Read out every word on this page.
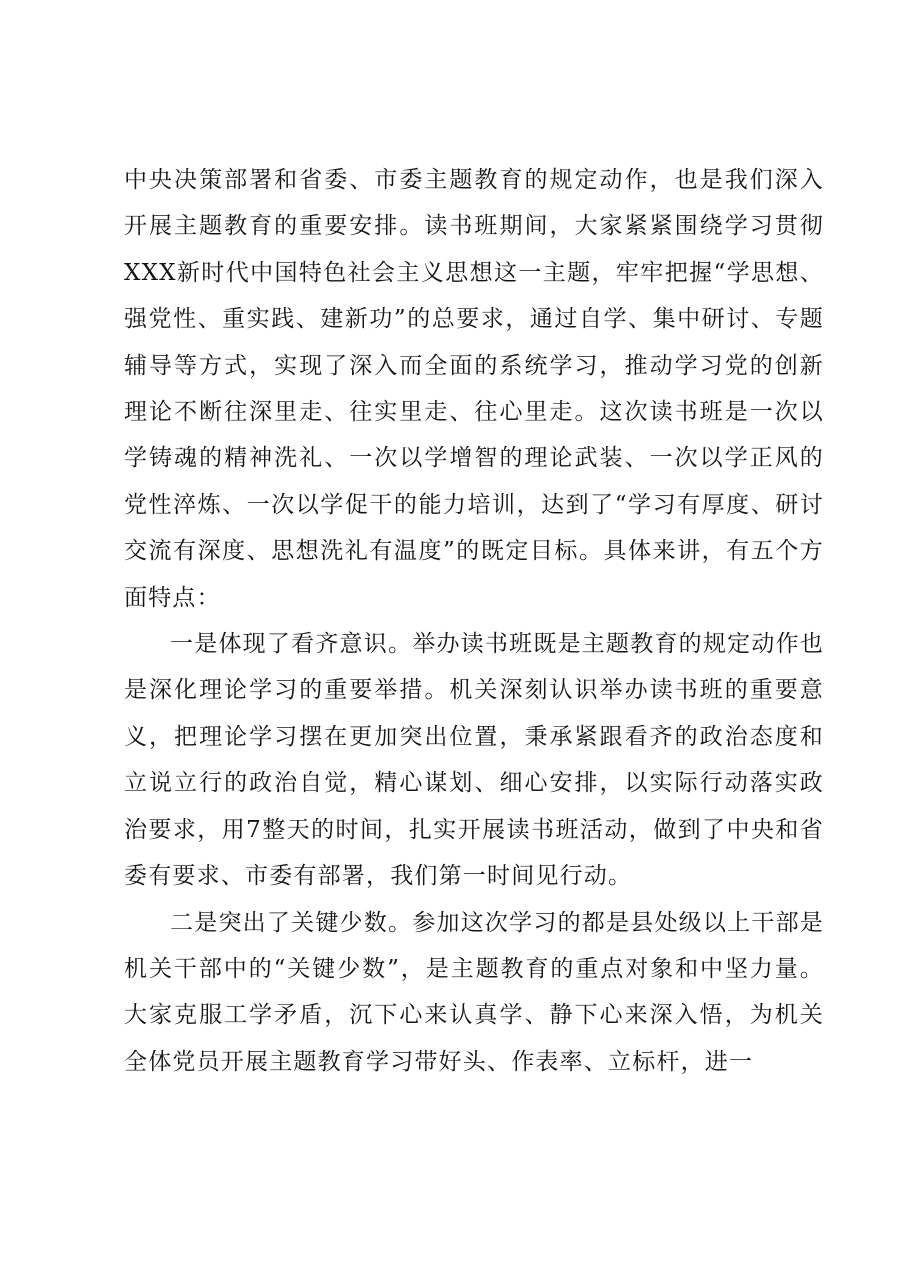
中央决策部署和省委、市委主题教育的规定动作，也是我们深入开展主题教育的重要安排。读书班期间，大家紧紧围绕学习贯彻XXX新时代中国特色社会主义思想这一主题，牢牢把握“学思想、强党性、重实践、建新功”的总要求，通过自学、集中研讨、专题辅导等方式，实现了深入而全面的系统学习，推动学习党的创新理论不断往深里走、往实里走、往心里走。这次读书班是一次以学铸魂的精神洗礼、一次以学增智的理论武装、一次以学正风的党性淬炼、一次以学促干的能力培训，达到了“学习有厚度、研讨交流有深度、思想洗礼有温度”的既定目标。具体来讲，有五个方面特点：

一是体现了看齐意识。举办读书班既是主题教育的规定动作也是深化理论学习的重要举措。机关深刻认识举办读书班的重要意义，把理论学习摆在更加突出位置，秉承紧跟看齐的政治态度和立说立行的政治自觉，精心谋划、细心安排，以实际行动落实政治要求，用7整天的时间，扎实开展读书班活动，做到了中央和省委有要求、市委有部署，我们第一时间见行动。

二是突出了关键少数。参加这次学习的都是县处级以上干部是机关干部中的“关键少数”，是主题教育的重点对象和中坚力量。大家克服工学矛盾，沉下心来认真学、静下心来深入悟，为机关全体党员开展主题教育学习带好头、作表率、立标杆，进一
